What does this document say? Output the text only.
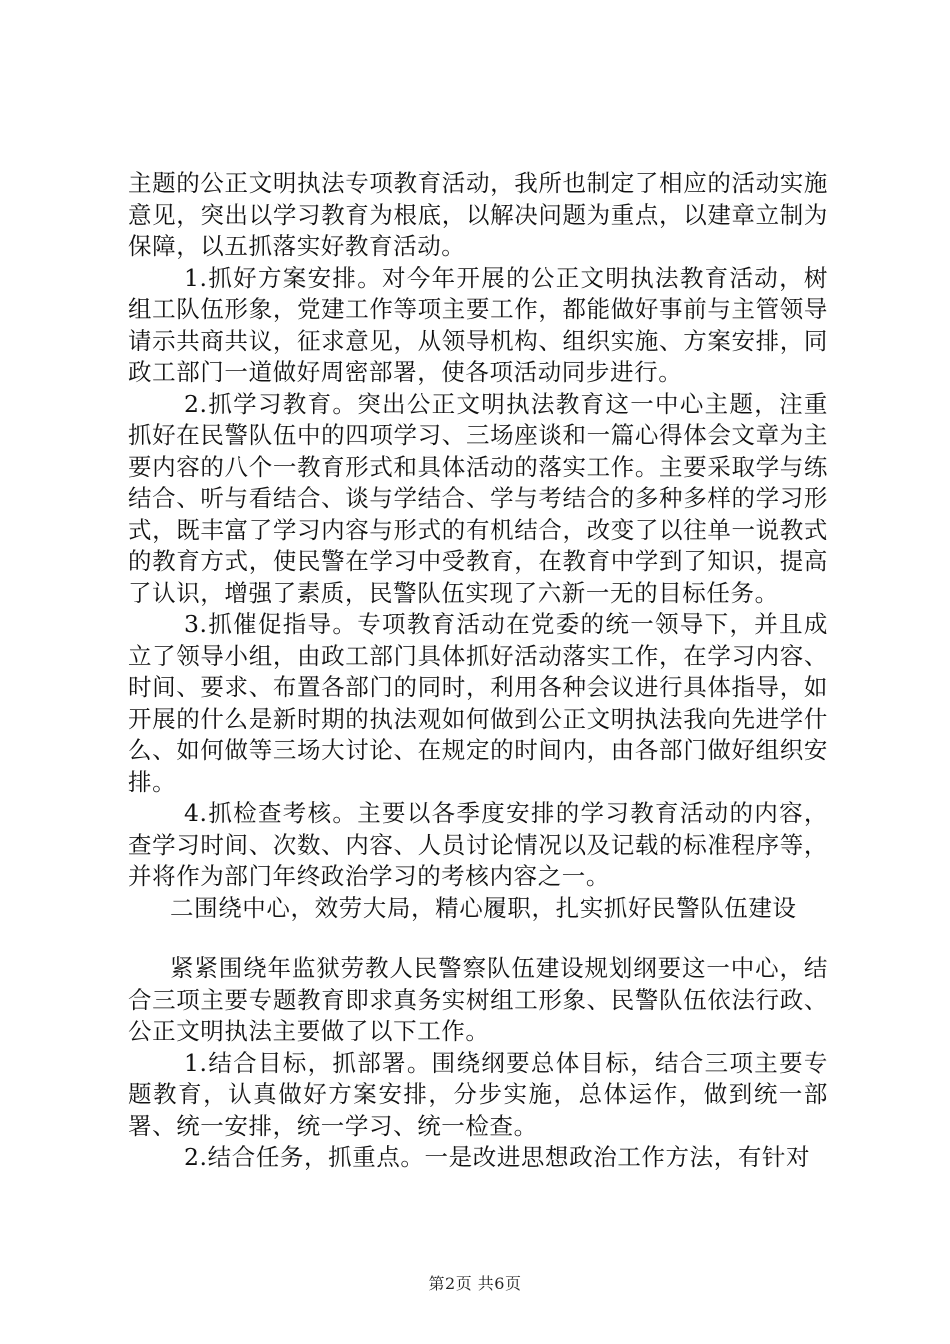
主题的公正文明执法专项教育活动，我所也制定了相应的活动实施意见，突出以学习教育为根底，以解决问题为重点，以建章立制为保障，以五抓落实好教育活动。

1.抓好方案安排。对今年开展的公正文明执法教育活动，树组工队伍形象，党建工作等项主要工作，都能做好事前与主管领导请示共商共议，征求意见，从领导机构、组织实施、方案安排，同政工部门一道做好周密部署，使各项活动同步进行。

2.抓学习教育。突出公正文明执法教育这一中心主题，注重抓好在民警队伍中的四项学习、三场座谈和一篇心得体会文章为主要内容的八个一教育形式和具体活动的落实工作。主要采取学与练结合、听与看结合、谈与学结合、学与考结合的多种多样的学习形式，既丰富了学习内容与形式的有机结合，改变了以往单一说教式的教育方式，使民警在学习中受教育，在教育中学到了知识，提高了认识，增强了素质，民警队伍实现了六新一无的目标任务。

3.抓催促指导。专项教育活动在党委的统一领导下，并且成立了领导小组，由政工部门具体抓好活动落实工作，在学习内容、时间、要求、布置各部门的同时，利用各种会议进行具体指导，如开展的什么是新时期的执法观如何做到公正文明执法我向先进学什么、如何做等三场大讨论、在规定的时间内，由各部门做好组织安排。

4.抓检查考核。主要以各季度安排的学习教育活动的内容，查学习时间、次数、内容、人员讨论情况以及记载的标准程序等，并将作为部门年终政治学习的考核内容之一。

二围绕中心，效劳大局，精心履职，扎实抓好民警队伍建设

紧紧围绕年监狱劳教人民警察队伍建设规划纲要这一中心，结合三项主要专题教育即求真务实树组工形象、民警队伍依法行政、公正文明执法主要做了以下工作。

1.结合目标，抓部署。围绕纲要总体目标，结合三项主要专题教育，认真做好方案安排，分步实施，总体运作，做到统一部署、统一安排，统一学习、统一检查。

2.结合任务，抓重点。一是改进思想政治工作方法，有针对

第2页 共6页
